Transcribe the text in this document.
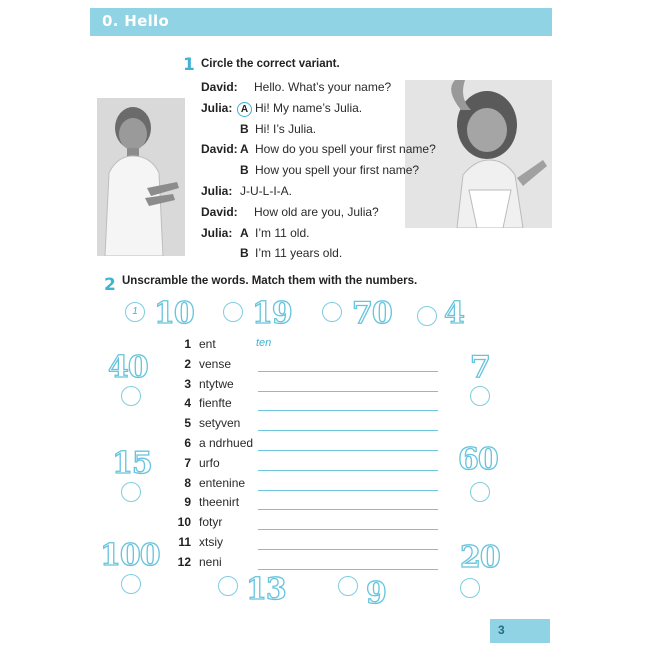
0. Hello
1 Circle the correct variant.
David: Hello. What’s your name?
Julia: A Hi! My name’s Julia.
B Hi! I’s Julia.
David: A How do you spell your first name?
B How you spell your first name?
Julia: J-U-L-I-A.
David: How old are you, Julia?
Julia: A I’m 11 old.
B I’m 11 years old.
2 Unscramble the words. Match them with the numbers.
1 10 19 70 4
40
15
100
7
60
20
13	9
1 ent	ten
2 vense
3 ntytwe
4 fienfte
5 setyven
6 a ndrhued
7 urfo
8 entenine
9 theenirt
10 fotyr
11 xtsiy
12 neni
3
